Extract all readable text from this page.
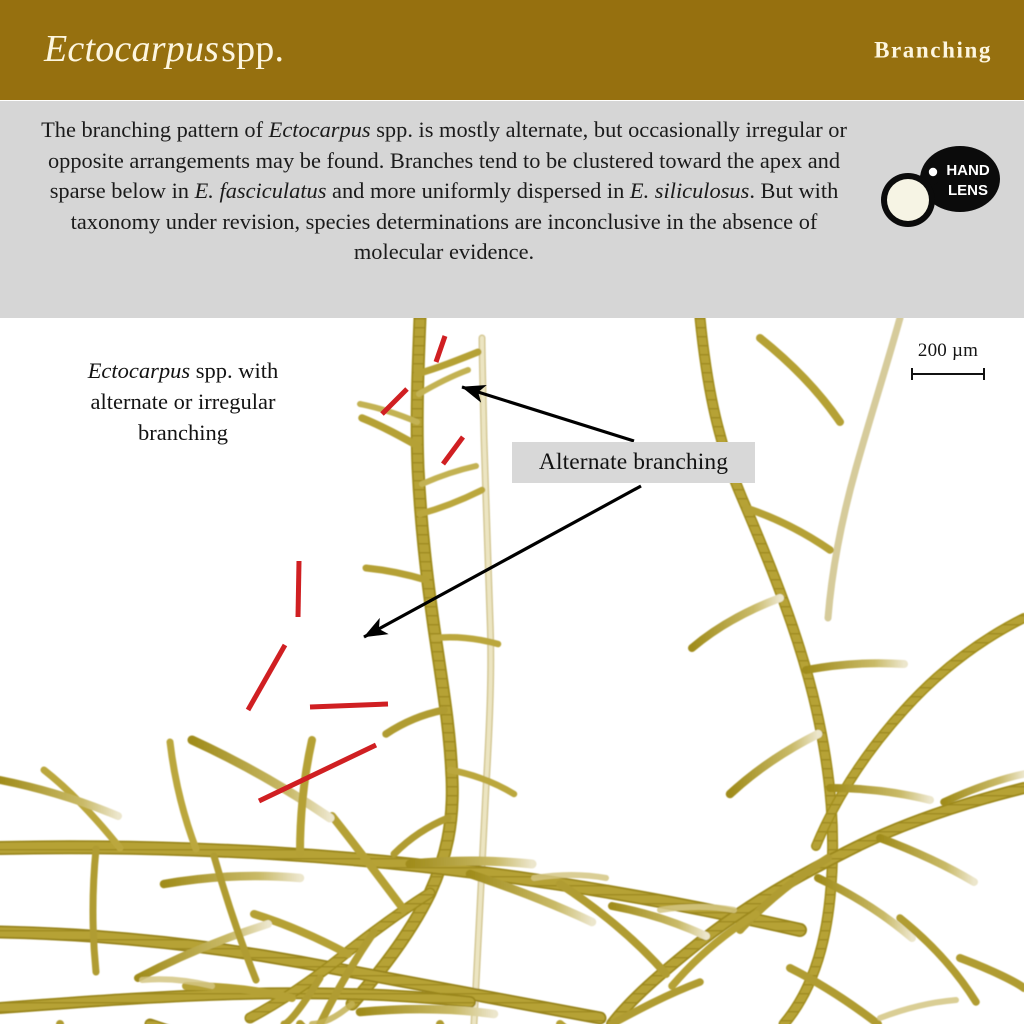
Ectocarpus spp. with
alternate or irregular
branching
200 µm
Alternate branching
Ectocarpusspp.	Branching
The branching pattern of Ectocarpus spp. is mostly alternate, but occasionally irregular or opposite arrangements may be found. Branches tend to be clustered toward the apex and sparse below in E. fasciculatus and more uniformly dispersed in E. siliculosus. But with taxonomy under revision, species determinations are inconclusive in the absence of molecular evidence.
HAND
LENS
